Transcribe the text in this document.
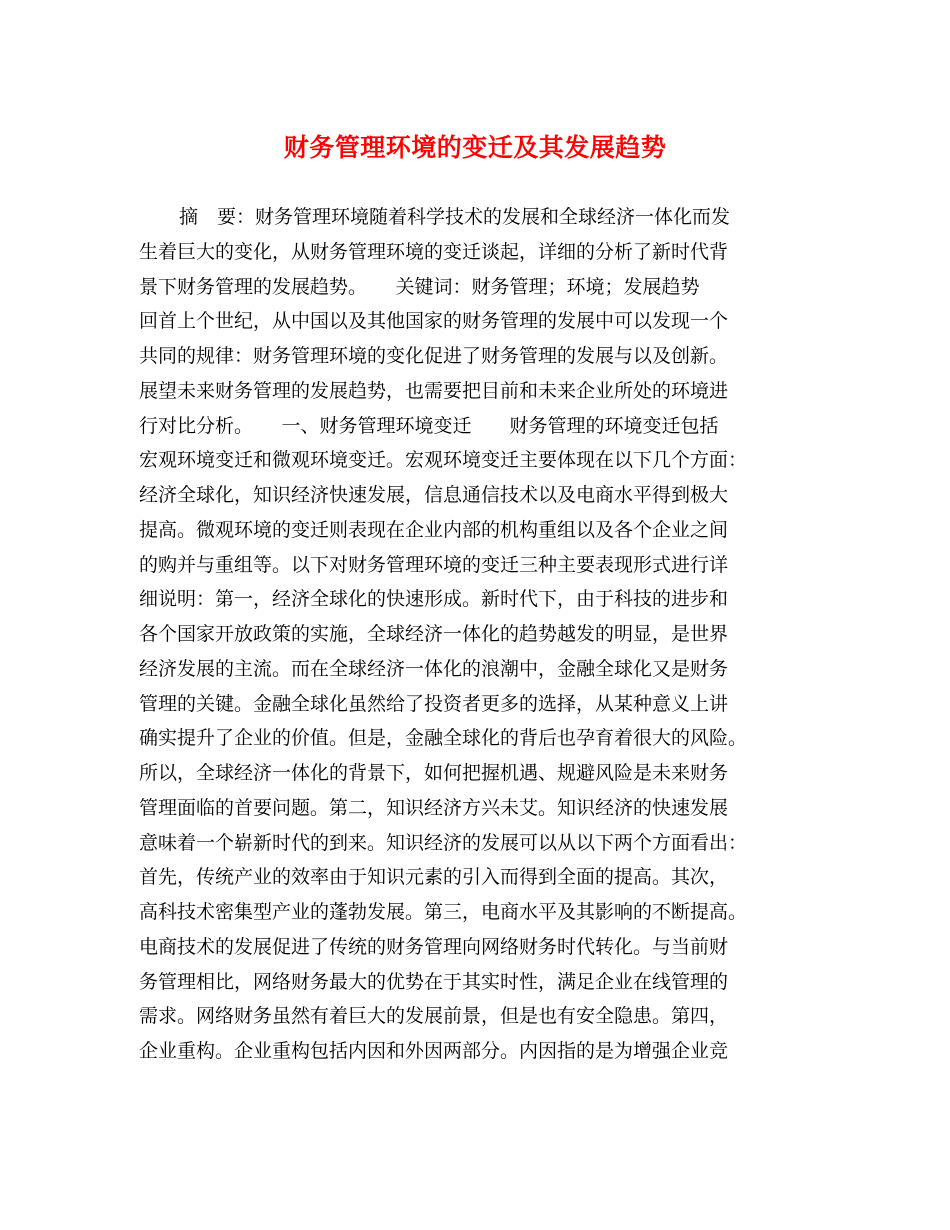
财务管理环境的变迁及其发展趋势
摘　要：财务管理环境随着科学技术的发展和全球经济一体化而发
生着巨大的变化，从财务管理环境的变迁谈起，详细的分析了新时代背
景下财务管理的发展趋势。　　关键词：财务管理；环境；发展趋势
回首上个世纪，从中国以及其他国家的财务管理的发展中可以发现一个
共同的规律：财务管理环境的变化促进了财务管理的发展与以及创新。
展望未来财务管理的发展趋势，也需要把目前和未来企业所处的环境进
行对比分析。　　一、财务管理环境变迁　　财务管理的环境变迁包括
宏观环境变迁和微观环境变迁。宏观环境变迁主要体现在以下几个方面：
经济全球化，知识经济快速发展，信息通信技术以及电商水平得到极大
提高。微观环境的变迁则表现在企业内部的机构重组以及各个企业之间
的购并与重组等。以下对财务管理环境的变迁三种主要表现形式进行详
细说明：第一，经济全球化的快速形成。新时代下，由于科技的进步和
各个国家开放政策的实施，全球经济一体化的趋势越发的明显，是世界
经济发展的主流。而在全球经济一体化的浪潮中，金融全球化又是财务
管理的关键。金融全球化虽然给了投资者更多的选择，从某种意义上讲
确实提升了企业的价值。但是，金融全球化的背后也孕育着很大的风险。
所以，全球经济一体化的背景下，如何把握机遇、规避风险是未来财务
管理面临的首要问题。第二，知识经济方兴未艾。知识经济的快速发展
意味着一个崭新时代的到来。知识经济的发展可以从以下两个方面看出：
首先，传统产业的效率由于知识元素的引入而得到全面的提高。其次，
高科技术密集型产业的蓬勃发展。第三，电商水平及其影响的不断提高。
电商技术的发展促进了传统的财务管理向网络财务时代转化。与当前财
务管理相比，网络财务最大的优势在于其实时性，满足企业在线管理的
需求。网络财务虽然有着巨大的发展前景，但是也有安全隐患。第四，
企业重构。企业重构包括内因和外因两部分。内因指的是为增强企业竞
